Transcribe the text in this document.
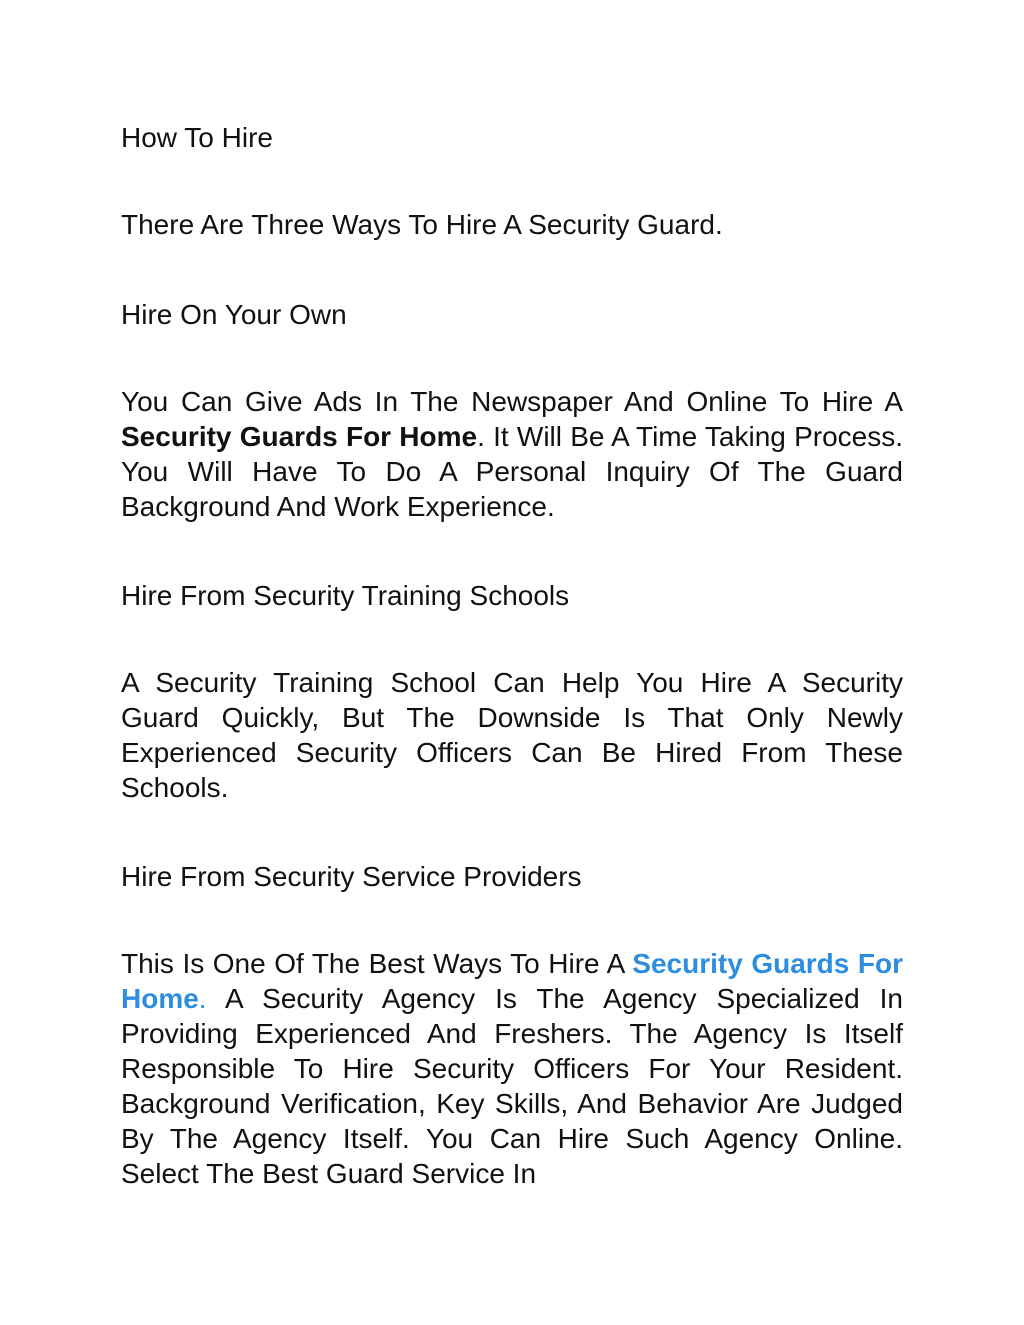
How To Hire
There Are Three Ways To Hire A Security Guard.
Hire On Your Own
You Can Give Ads In The Newspaper And Online To Hire A Security Guards For Home. It Will Be A Time Taking Process. You Will Have To Do A Personal Inquiry Of The Guard Background And Work Experience.
Hire From Security Training Schools
A Security Training School Can Help You Hire A Security Guard Quickly, But The Downside Is That Only Newly Experienced Security Officers Can Be Hired From These Schools.
Hire From Security Service Providers
This Is One Of The Best Ways To Hire A Security Guards For Home. A Security Agency Is The Agency Specialized In Providing Experienced And Freshers. The Agency Is Itself Responsible To Hire Security Officers For Your Resident. Background Verification, Key Skills, And Behavior Are Judged By The Agency Itself. You Can Hire Such Agency Online. Select The Best Guard Service In
